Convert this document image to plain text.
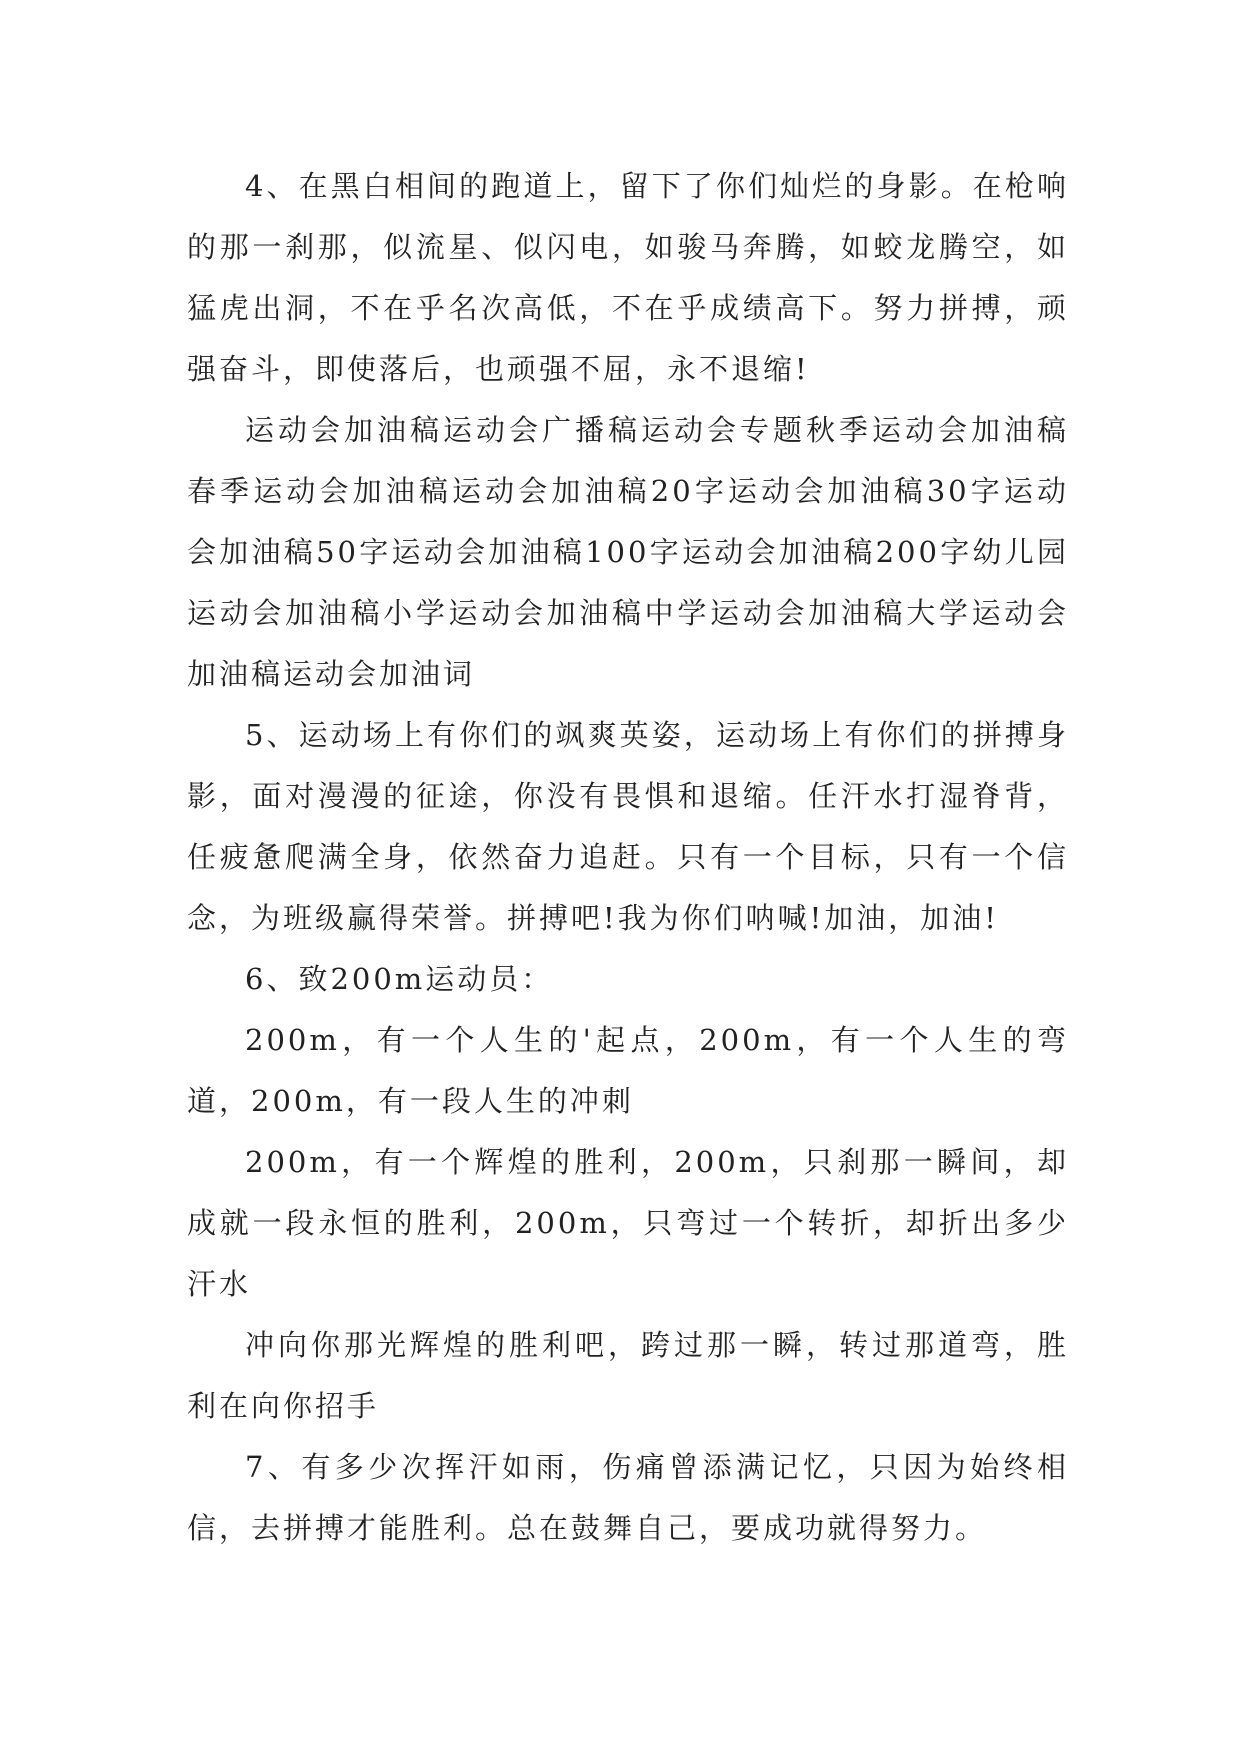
4、在黑白相间的跑道上，留下了你们灿烂的身影。在枪响的那一刹那，似流星、似闪电，如骏马奔腾，如蛟龙腾空，如猛虎出洞，不在乎名次高低，不在乎成绩高下。努力拼搏，顽强奋斗，即使落后，也顽强不屈，永不退缩!

运动会加油稿运动会广播稿运动会专题秋季运动会加油稿春季运动会加油稿运动会加油稿20字运动会加油稿30字运动会加油稿50字运动会加油稿100字运动会加油稿200字幼儿园运动会加油稿小学运动会加油稿中学运动会加油稿大学运动会加油稿运动会加油词

5、运动场上有你们的飒爽英姿，运动场上有你们的拼搏身影，面对漫漫的征途，你没有畏惧和退缩。任汗水打湿脊背，任疲惫爬满全身，依然奋力追赶。只有一个目标，只有一个信念，为班级赢得荣誉。拼搏吧!我为你们呐喊!加油，加油!

6、致200m运动员：

200m，有一个人生的'起点，200m，有一个人生的弯道，200m，有一段人生的冲刺

200m，有一个辉煌的胜利，200m，只刹那一瞬间，却成就一段永恒的胜利，200m，只弯过一个转折，却折出多少汗水

冲向你那光辉煌的胜利吧，跨过那一瞬，转过那道弯，胜利在向你招手

7、有多少次挥汗如雨，伤痛曾添满记忆，只因为始终相信，去拼搏才能胜利。总在鼓舞自己，要成功就得努力。
